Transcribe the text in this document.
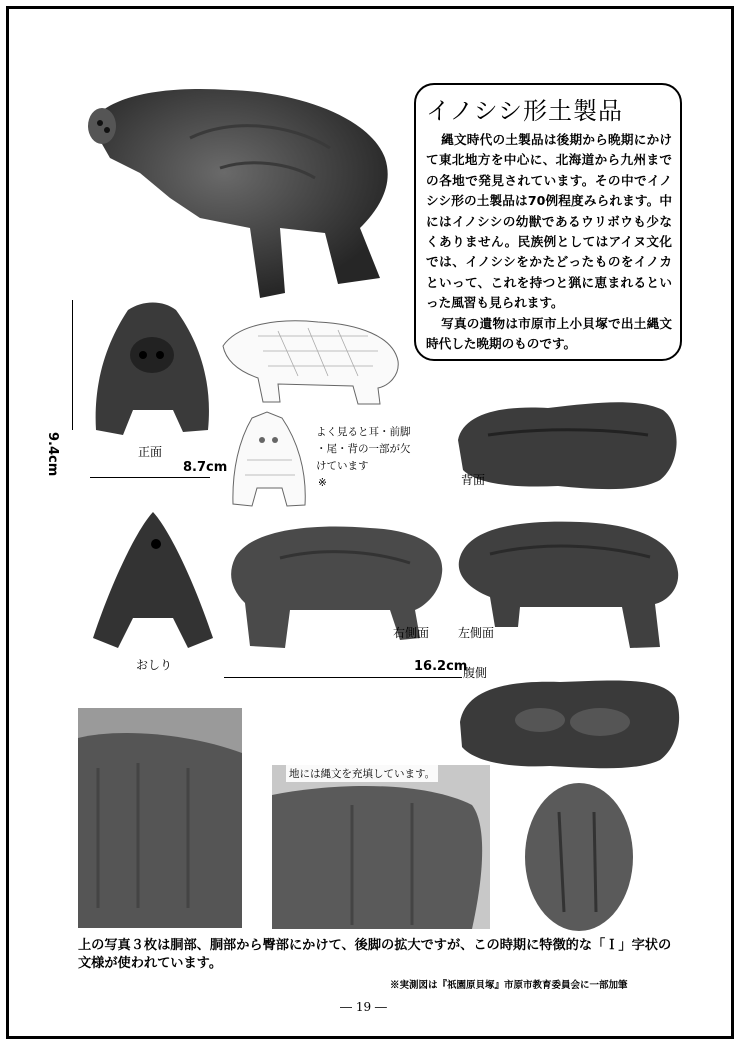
イノシシ形土製品

縄文時代の土製品は後期から晩期にかけて東北地方を中心に、北海道から九州までの各地で発見されています。その中でイノシシ形の土製品は70例程度みられます。中にはイノシシの幼獣であるウリボウも少なくありません。民族例としてはアイヌ文化では、イノシシをかたどったものをイノカといって、これを持つと猟に恵まれるといった風習も見られます。

写真の遺物は市原市上小貝塚で出土縄文時代した晩期のものです。

9.4cm	正面
8.7cm
よく見ると耳・前脚
・尾・背の一部が欠
けています
※	背面
おしり
右側面 左側面
16.2cm
腹側
地には縄文を充填しています。
上の写真３枚は胴部、胴部から臀部にかけて、後脚の拡大ですが、この時期に特徴的な「Ｉ」字状の文様が使われています。
※実測図は『祇園原貝塚』市原市教育委員会に一部加筆
― 19 ―
